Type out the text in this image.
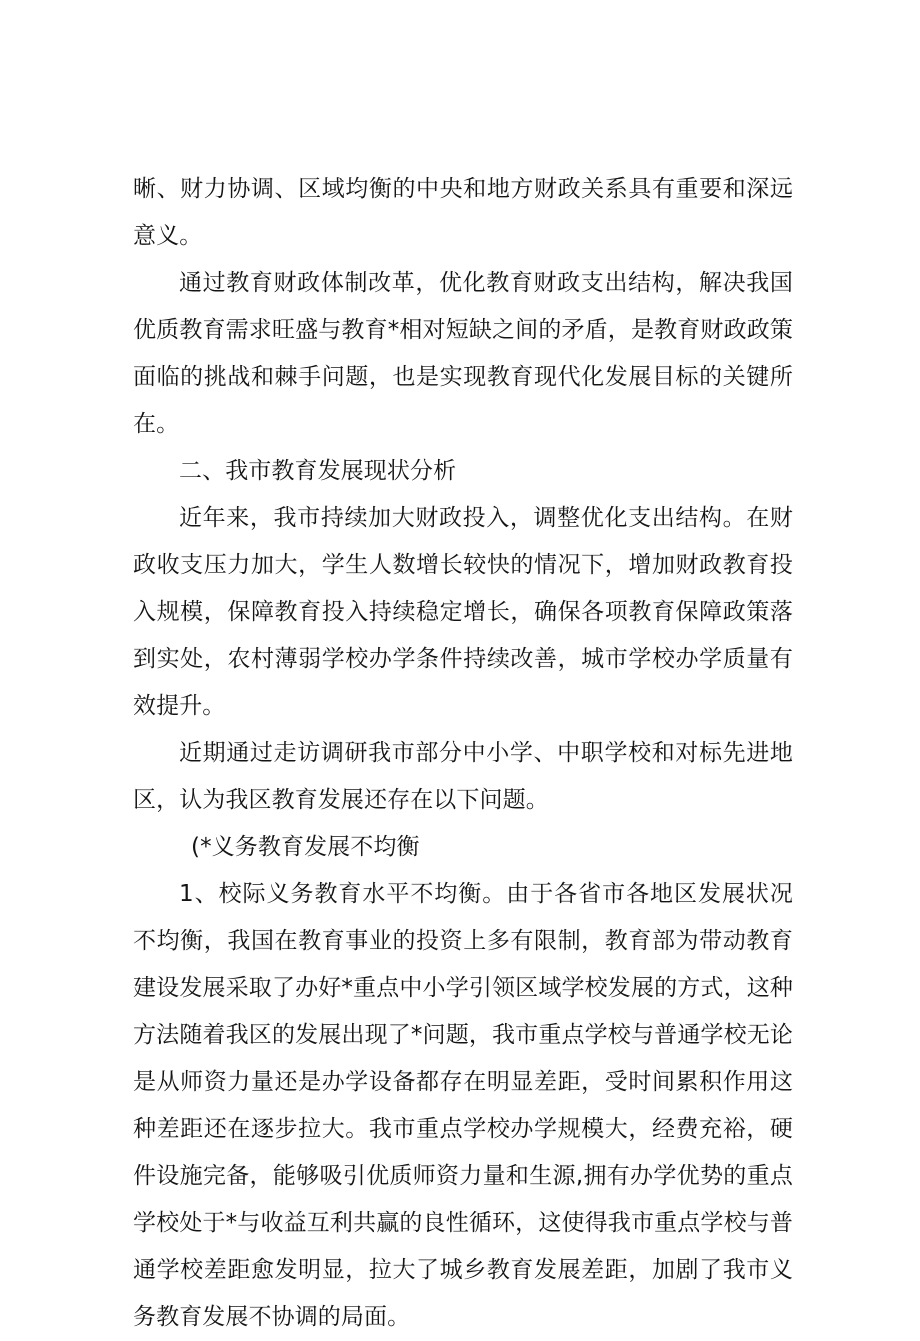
晰、财力协调、区域均衡的中央和地方财政关系具有重要和深远意义。

通过教育财政体制改革，优化教育财政支出结构，解决我国优质教育需求旺盛与教育*相对短缺之间的矛盾，是教育财政政策面临的挑战和棘手问题，也是实现教育现代化发展目标的关键所在。

二、我市教育发展现状分析

近年来，我市持续加大财政投入，调整优化支出结构。在财政收支压力加大，学生人数增长较快的情况下，增加财政教育投入规模，保障教育投入持续稳定增长，确保各项教育保障政策落到实处，农村薄弱学校办学条件持续改善，城市学校办学质量有效提升。

近期通过走访调研我市部分中小学、中职学校和对标先进地区，认为我区教育发展还存在以下问题。

(*义务教育发展不均衡

1、校际义务教育水平不均衡。由于各省市各地区发展状况不均衡，我国在教育事业的投资上多有限制，教育部为带动教育建设发展采取了办好*重点中小学引领区域学校发展的方式，这种方法随着我区的发展出现了*问题，我市重点学校与普通学校无论是从师资力量还是办学设备都存在明显差距，受时间累积作用这种差距还在逐步拉大。我市重点学校办学规模大，经费充裕，硬件设施完备，能够吸引优质师资力量和生源,拥有办学优势的重点学校处于*与收益互利共赢的良性循环，这使得我市重点学校与普通学校差距愈发明显，拉大了城乡教育发展差距，加剧了我市义务教育发展不协调的局面。
